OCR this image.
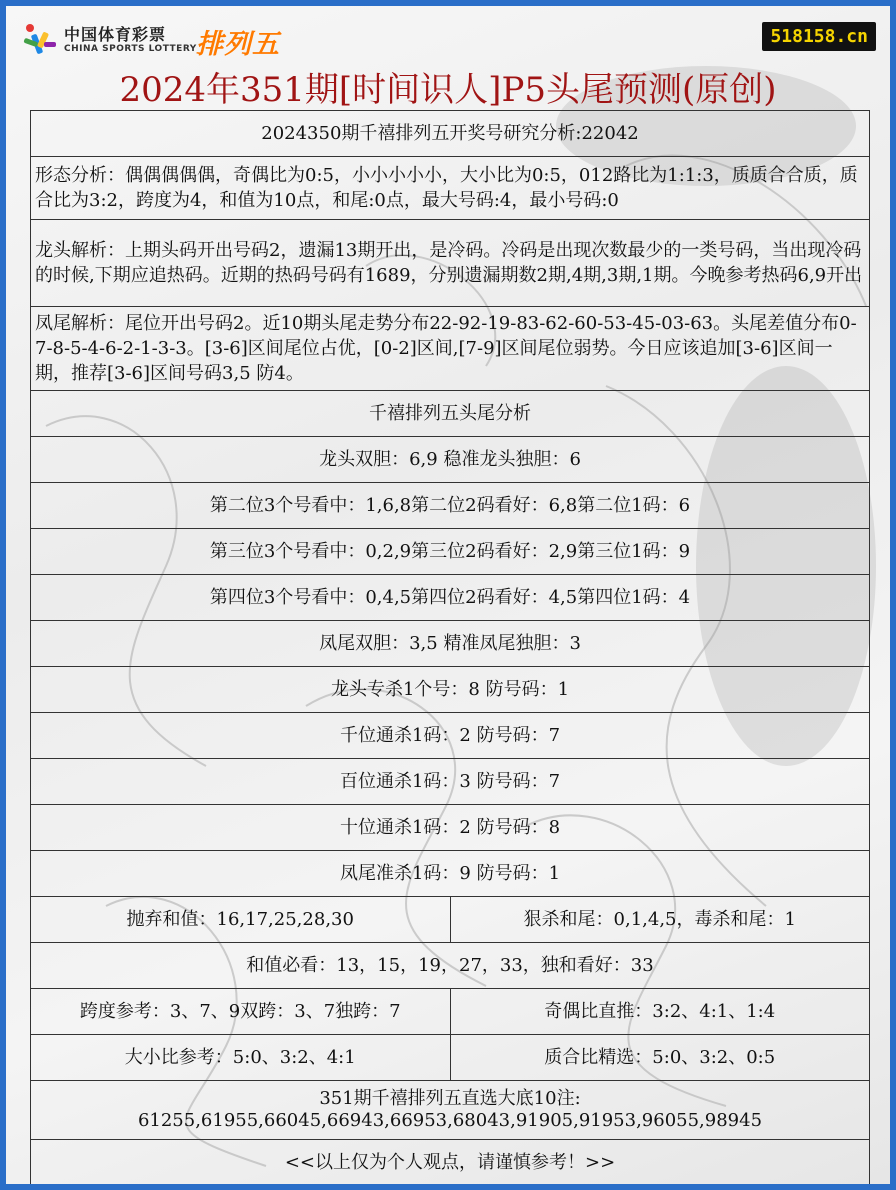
中国体育彩票
CHINA SPORTS LOTTERY 排列五	518158.cn
2024年351期[时间识人]P5头尾预测(原创)
2024350期千禧排列五开奖号研究分析:22042	
形态分析：偶偶偶偶偶，奇偶比为0:5，小小小小小，大小比为0:5，012路比为1:1:3，质质合合质，质合比为3:2，跨度为4，和值为10点，和尾:0点，最大号码:4，最小号码:0	
龙头解析：上期头码开出号码2，遗漏13期开出，是冷码。冷码是出现次数最少的一类号码，当出现冷码的时候,下期应追热码。近期的热码号码有1689，分别遗漏期数2期,4期,3期,1期。今晚参考热码6,9开出	
凤尾解析：尾位开出号码2。近10期头尾走势分布22-92-19-83-62-60-53-45-03-63。头尾差值分布0-7-8-5-4-6-2-1-3-3。[3-6]区间尾位占优，[0-2]区间,[7-9]区间尾位弱势。今日应该追加[3-6]区间一期，推荐[3-6]区间号码3,5 防4。	
千禧排列五头尾分析	
龙头双胆：6,9 稳准龙头独胆：6	
第二位3个号看中：1,6,8第二位2码看好：6,8第二位1码：6	
第三位3个号看中：0,2,9第三位2码看好：2,9第三位1码：9	
第四位3个号看中：0,4,5第四位2码看好：4,5第四位1码：4	
凤尾双胆：3,5 精准凤尾独胆：3	
龙头专杀1个号：8 防号码：1	
千位通杀1码：2 防号码：7	
百位通杀1码：3 防号码：7	
十位通杀1码：2 防号码：8	
凤尾准杀1码：9 防号码：1	
抛弃和值：16,17,25,28,30	狠杀和尾：0,1,4,5，毒杀和尾：1
和值必看：13，15，19，27，33，独和看好：33	
跨度参考：3、7、9双跨：3、7独跨：7	奇偶比直推：3:2、4:1、1:4
大小比参考：5:0、3:2、4:1	质合比精选：5:0、3:2、0:5

351期千禧排列五直选大底10注:
61255,61955,66045,66943,66953,68043,91905,91953,96055,98945	

<<以上仅为个人观点，请谨慎参考！>>	
